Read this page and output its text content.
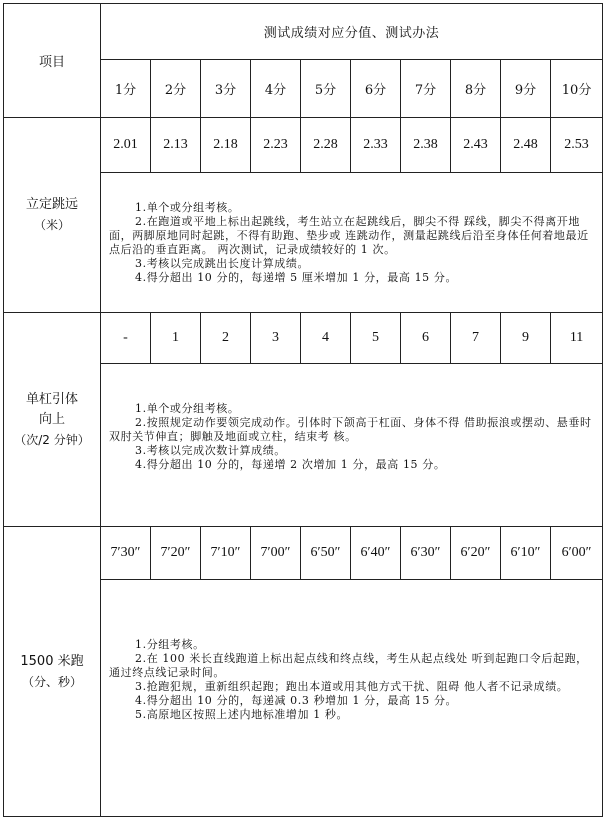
项目	测试成绩对应分值、测试办法									
	1分	2分	3分	4分	5分	6分	7分	8分	9分	10分

立定跳远
（米）	2.01	2.13	2.18	2.23	2.28	2.33	2.38	2.43	2.48	2.53

	1.单个或分组考核。

2.在跑道或平地上标出起跳线，考生站立在起跳线后，脚尖不得 踩线，脚尖不得离开地面，两脚原地同时起跳，不得有助跑、垫步或 连跳动作，测量起跳线后沿至身体任何着地最近点后沿的垂直距离。 两次测试，记录成绩较好的 1 次。

3.考核以完成跳出长度计算成绩。

4.得分超出 10 分的，每递增 5 厘米增加 1 分，最高 15 分。									

单杠引体
向上
（次/2 分钟）	-	1	2	3	4	5	6	7	9	11

	1.单个或分组考核。

2.按照规定动作要领完成动作。引体时下颌高于杠面、身体不得 借助振浪或摆动、悬垂时双肘关节伸直；脚触及地面或立柱，结束考 核。

3.考核以完成次数计算成绩。

4.得分超出 10 分的，每递增 2 次增加 1 分，最高 15 分。									

1500 米跑
（分、秒）	7′30″	7′20″	7′10″	7′00″	6′50″	6′40″	6′30″	6′20″	6′10″	6′00″

	1.分组考核。

2.在 100 米长直线跑道上标出起点线和终点线，考生从起点线处 听到起跑口令后起跑，通过终点线记录时间。

3.抢跑犯规，重新组织起跑；跑出本道或用其他方式干扰、阻碍 他人者不记录成绩。

4.得分超出 10 分的，每递减 0.3 秒增加 1 分，最高 15 分。

5.高原地区按照上述内地标准增加 1 秒。									
